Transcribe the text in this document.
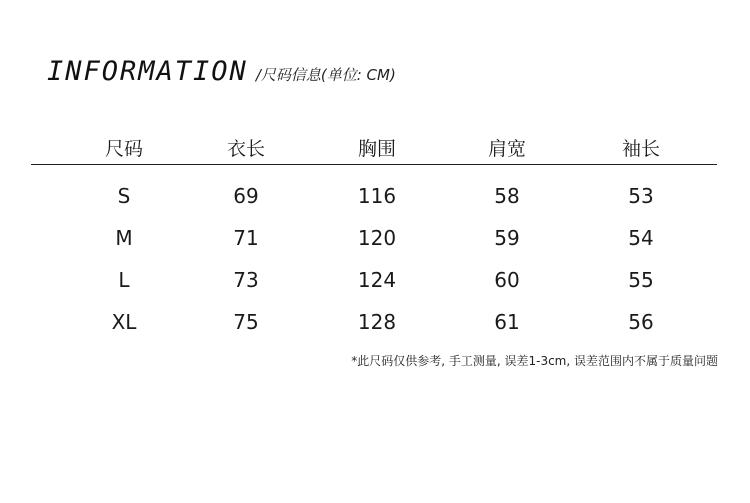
INFORMATION /尺码信息(单位: CM)
尺码	衣长	胸围	肩宽	袖长
S	69	116	58	53
M	71	120	59	54
L	73	124	60	55
XL	75	128	61	56
*此尺码仅供参考, 手工测量, 误差1-3cm, 误差范围内不属于质量问题
